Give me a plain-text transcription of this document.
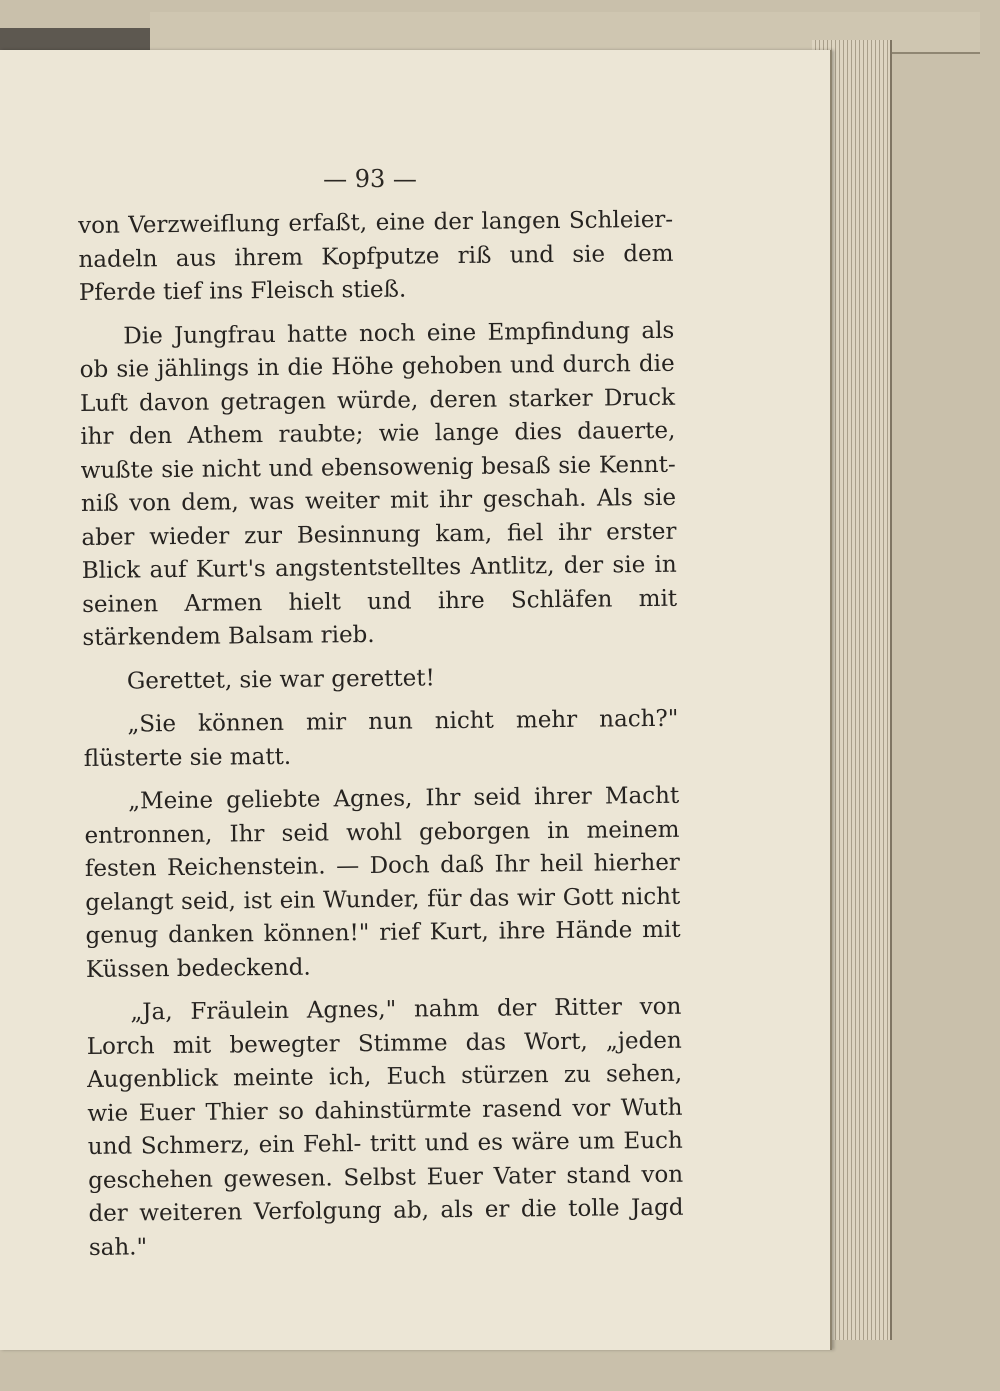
— 93 —

von Verzweiflung erfaßt, eine der langen Schleier- nadeln aus ihrem Kopfputze riß und sie dem Pferde tief ins Fleisch stieß.

Die Jungfrau hatte noch eine Empfindung als ob sie jählings in die Höhe gehoben und durch die Luft davon getragen würde, deren starker Druck ihr den Athem raubte; wie lange dies dauerte, wußte sie nicht und ebensowenig besaß sie Kennt- niß von dem, was weiter mit ihr geschah. Als sie aber wieder zur Besinnung kam, fiel ihr erster Blick auf Kurt's angstentstelltes Antlitz, der sie in seinen Armen hielt und ihre Schläfen mit stärkendem Balsam rieb.

Gerettet, sie war gerettet!

„Sie können mir nun nicht mehr nach?" flüsterte sie matt.

„Meine geliebte Agnes, Ihr seid ihrer Macht entronnen, Ihr seid wohl geborgen in meinem festen Reichenstein. — Doch daß Ihr heil hierher gelangt seid, ist ein Wunder, für das wir Gott nicht genug danken können!" rief Kurt, ihre Hände mit Küssen bedeckend.

„Ja, Fräulein Agnes," nahm der Ritter von Lorch mit bewegter Stimme das Wort, „jeden Augenblick meinte ich, Euch stürzen zu sehen, wie Euer Thier so dahinstürmte rasend vor Wuth und Schmerz, ein Fehl- tritt und es wäre um Euch geschehen gewesen. Selbst Euer Vater stand von der weiteren Verfolgung ab, als er die tolle Jagd sah."
